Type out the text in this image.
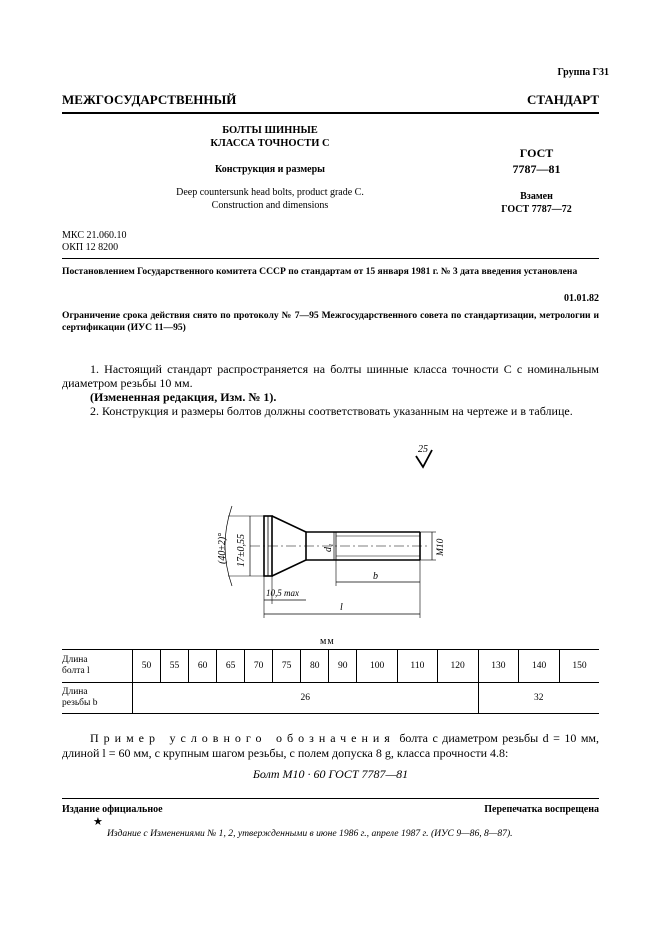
Группа Г31
МЕЖГОСУДАРСТВЕННЫЙ	СТАНДАРТ
БОЛТЫ ШИННЫЕ
КЛАССА ТОЧНОСТИ С
Конструкция и размеры
Deep countersunk head bolts, product grade C.
Construction and dimensions
ГОСТ
7787—81
Взамен
ГОСТ 7787—72
МКС 21.060.10
ОКП 12 8200
Постановлением Государственного комитета СССР по стандартам от 15 января 1981 г. № 3 дата введения установлена
01.01.82
Ограничение срока действия снято по протоколу № 7—95 Межгосударственного совета по стандартизации, метрологии и сертификации (ИУС 11—95)
1. Настоящий стандарт распространяется на болты шинные класса точности С с номинальным диаметром резьбы 10 мм.
(Измененная редакция, Изм. № 1).
2. Конструкция и размеры болтов должны соответствовать указанным на чертеже и в таблице.
25
17±0,55
(40±2)°	d₁	M10
b
10,5 max
l
мм
Длина
болта l	50	55	60	65	70	75	80	90	100	110	120	130	140	150

Длина
резьбы b	26											32		
Пример условного обозначения болта с диаметром резьбы d = 10 мм, длиной l = 60 мм, с крупным шагом резьбы, с полем допуска 8 g, класса прочности 4.8:
Болт М10 · 60 ГОСТ 7787—81
Издание официальное	Перепечатка воспрещена
★
Издание с Изменениями № 1, 2, утвержденными в июне 1986 г., апреле 1987 г. (ИУС 9—86, 8—87).
